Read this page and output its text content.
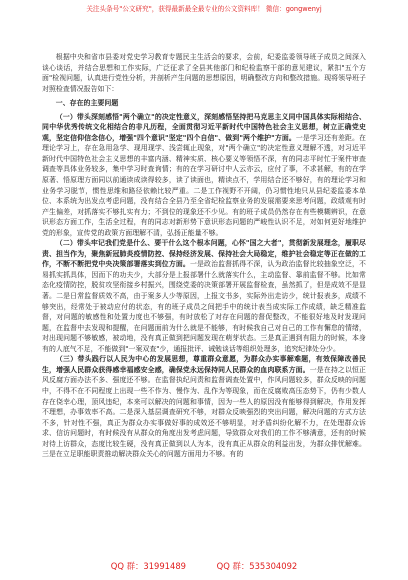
关注头条号"公文研究"，获得最新最全最专业的公文资料库！ 微信：gongwenyj

根据中央和省市县委对党史学习教育专题民主生活会的要求，会前，纪委监委领导班子成员之间深入谈心谈话，并结合思想和工作实际，广泛征求了全县其他部门和纪检监察干部的意见建议，紧扣"五个方面"检视问题，认真进行党性分析，并剖析产生问题的思想原因，明确整改方向和整改措施。现将领导班子对照检查情况报告如下：

一、存在的主要问题

（一）带头深刻感悟"两个确立"的决定性意义，深刻感悟坚持把马克思主义同中国具体实际相结合、同中华优秀传统文化相结合的非凡历程，全面贯彻习近平新时代中国特色社会主义思想，树立正确党史观，坚定信仰信念信心，增强"四个意识"坚定"四个自信"、做到"两个维护"方面。一是学习还有差距。在理论学习上，存在急用急学、现用现学、浅尝辄止现象，对"两个确立"的决定性意义理解不透，对习近平新时代中国特色社会主义思想的丰富内涵、精神实质、核心要义等领悟不深，有的同志平时忙于案件审查调查等具体业务较多，集中学习时查询情；有的在学习研讨中人云亦云，应付了事，不求甚解，有的在学原著、悟原理方面同以前通读成读得较多，读了读面也，精读点不，学用结合还不够好，有的理论学习和业务学习脱节，惯性思维和路径依赖比较严重。二是工作视野不开阔，仍习惯性地只从县纪委监委本单位、本系统为出发点考虑问题，没有结合全县乃至全省纪检监察业务的发展需要来思考问题，政绩观有时产生偏差，对抓落实不够扎实有力；不到位的现象还不少见。有的班子成员仍然存在有些模糊辨识，在意识形态方面工作，生活全过程，有的同志对新形势下意识形态问题的严峻性认识不足，对如何更好地维护党的形象，宣传党的政策方面理解不清，弘扬正能量不够。

（二）带头牢记我们党是什么、要干什么这个根本问题，心怀"国之大者"，贯彻新发展理念，履职尽责、担当作为，聚焦新冠肺炎疫情防控、保持经济发展、保持社会大局稳定，维护社会稳定等正在做的工作，不断不断把党中央决策部署落实到位方面。一是政治监督抓得不深，认为政治监督比较抽象空泛，不易抓实抓具体，因而下的功夫少，大部分是上报部署什么就落实什么，主动监督、靠前监督不够。比如常态化疫情防控，脱贫攻坚衔接乡村振兴，围绕党委的决策部署开展监督检查，虽然抓了，但是成效不是显著。二是日常监督质效不高，由于案多人少等原因，上报文书多，实际外出走访少，统计报表多，成绩不够突出，经常处于被动应付的状态，有的班子成员之间把手中的统计表当成实际工作成绩，缺乏精准监督，对问题的敏感性和处置力度也不够强，有时放松了对存在问题的督促整改，不能很好地及时发现问题，在监督中去发现和提醒，在问题面前为什么就是不能够，有时候我自己对自己的工作有懈怠的情绪，对出现问题不够敏感，被动地，没有真正做到把问题发现在萌芽状态。三是真正遇到有阻力的时候，本身有的人底气不足，不能做到"一案双查"少，通报批评、诫勉谈话等组织处理多，追究纪律处分少。

（三）带头践行以人民为中心的发展思想，尊重群众意愿，为群众办实事解难题，有效保障改善民生，增强人民群众获得感幸福感安全感，确保党永远保持同人民群众的血肉联系方面。一是在持之以恒正风反腐方面办法不多、强度还不够。在监督执纪问责和监督调查处置中，作风问题较多，群众反映的问题中，不得不在不同程度上出现一些不作为、慢作为、乱作为等现象，而在反腐败高压态势下，仍有少数人存在侥幸心理，顶风违纪，本来可以解决的问题和事情，因为一些人的原因没有能够得到解决，作用发挥不理想，办事效率不高。二是深入基层调查研究不够，对群众反映强烈的突出问题，解决问题的方式方法不多，针对性不强，真正为群众办实事做好事的成效还不够明显，对矛盾纠纷化解不力，在处理群众诉求、信访问题时，有时候没有从群众的角度出发考虑问题，导致群众对我们的工作不够满意，还有的时候对待上访群众，态度比较生硬，没有真正做到以人为本，没有真正从群众的利益出发，为群众排忧解难。三是在立足职能职责推动解决群众关心的问题方面用力不够。有的

QQ 群：31991489	QQ 群：535304092
